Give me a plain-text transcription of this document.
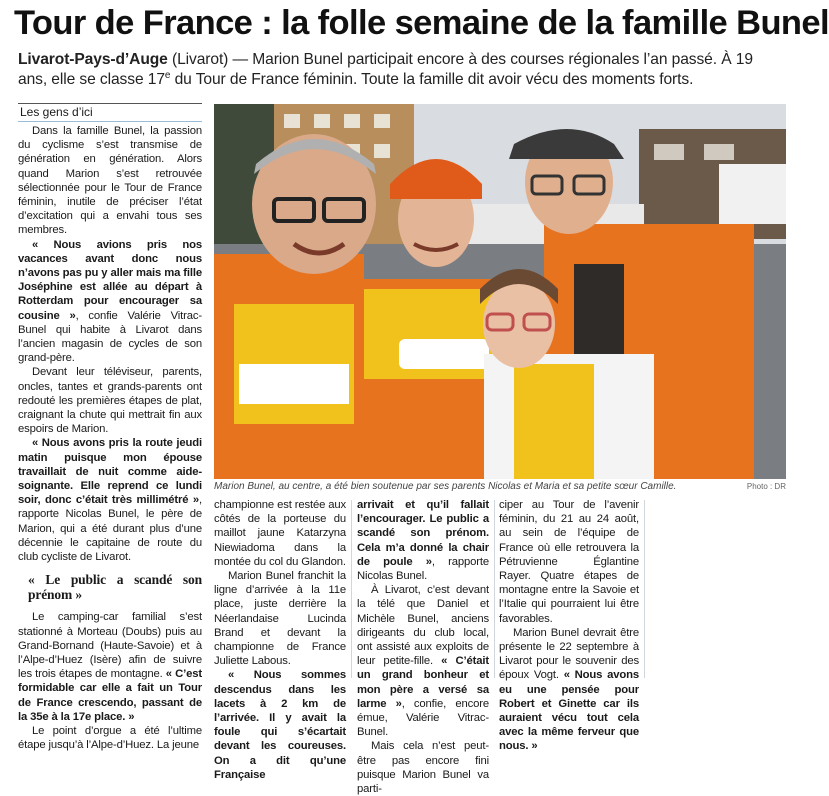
Tour de France : la folle semaine de la famille Bunel
Livarot-Pays-d’Auge (Livarot) — Marion Bunel participait encore à des courses régionales l’an passé. À 19 ans, elle se classe 17e du Tour de France féminin. Toute la famille dit avoir vécu des moments forts.
Les gens d’ici

Dans la famille Bunel, la passion du cyclisme s’est transmise de génération en génération. Alors quand Marion s’est retrouvée sélectionnée pour le Tour de France féminin, inutile de préciser l’état d’excitation qui a envahi tous ses membres.

« Nous avions pris nos vacances avant donc nous n’avons pas pu y aller mais ma fille Joséphine est allée au départ à Rotterdam pour encourager sa cousine », confie Valérie Vitrac-Bunel qui habite à Livarot dans l’ancien magasin de cycles de son grand-père.

Devant leur téléviseur, parents, oncles, tantes et grands-parents ont redouté les premières étapes de plat, craignant la chute qui mettrait fin aux espoirs de Marion.

« Nous avons pris la route jeudi matin puisque mon épouse travaillait de nuit comme aide-soignante. Elle reprend ce lundi soir, donc c’était très millimétré », rapporte Nicolas Bunel, le père de Marion, qui a été durant plus d’une décennie le capitaine de route du club cycliste de Livarot.

« Le public a scandé son prénom »

Le camping-car familial s’est stationné à Morteau (Doubs) puis au Grand-Bornand (Haute-Savoie) et à l’Alpe-d’Huez (Isère) afin de suivre les trois étapes de montagne. « C’est formidable car elle a fait un Tour de France crescendo, passant de la 35e à la 17e place. »

Le point d’orgue a été l’ultime étape jusqu’à l’Alpe-d’Huez. La jeune

Marion Bunel, au centre, a été bien soutenue par ses parents Nicolas et Maria et sa petite sœur Camille.	Photo : DR

championne est restée aux côtés de la porteuse du maillot jaune Katarzyna Niewiadoma dans la montée du col du Glandon.

Marion Bunel franchit la ligne d’arrivée à la 11e place, juste derrière la Néerlandaise Lucinda Brand et devant la championne de France Juliette Labous.

« Nous sommes descendus dans les lacets à 2 km de l’arrivée. Il y avait la foule qui s’écartait devant les coureuses. On a dit qu’une Française

arrivait et qu’il fallait l’encourager. Le public a scandé son prénom. Cela m’a donné la chair de poule », rapporte Nicolas Bunel.

À Livarot, c’est devant la télé que Daniel et Michèle Bunel, anciens dirigeants du club local, ont assisté aux exploits de leur petite-fille. « C’était un grand bonheur et mon père a versé sa larme », confie, encore émue, Valérie Vitrac-Bunel.

Mais cela n’est peut-être pas encore fini puisque Marion Bunel va parti-

ciper au Tour de l’avenir féminin, du 21 au 24 août, au sein de l’équipe de France où elle retrouvera la Pétruvienne Églantine Rayer. Quatre étapes de montagne entre la Savoie et l’Italie qui pourraient lui être favorables.

Marion Bunel devrait être présente le 22 septembre à Livarot pour le souvenir des époux Vogt. « Nous avons eu une pensée pour Robert et Ginette car ils auraient vécu tout cela avec la même ferveur que nous. »
